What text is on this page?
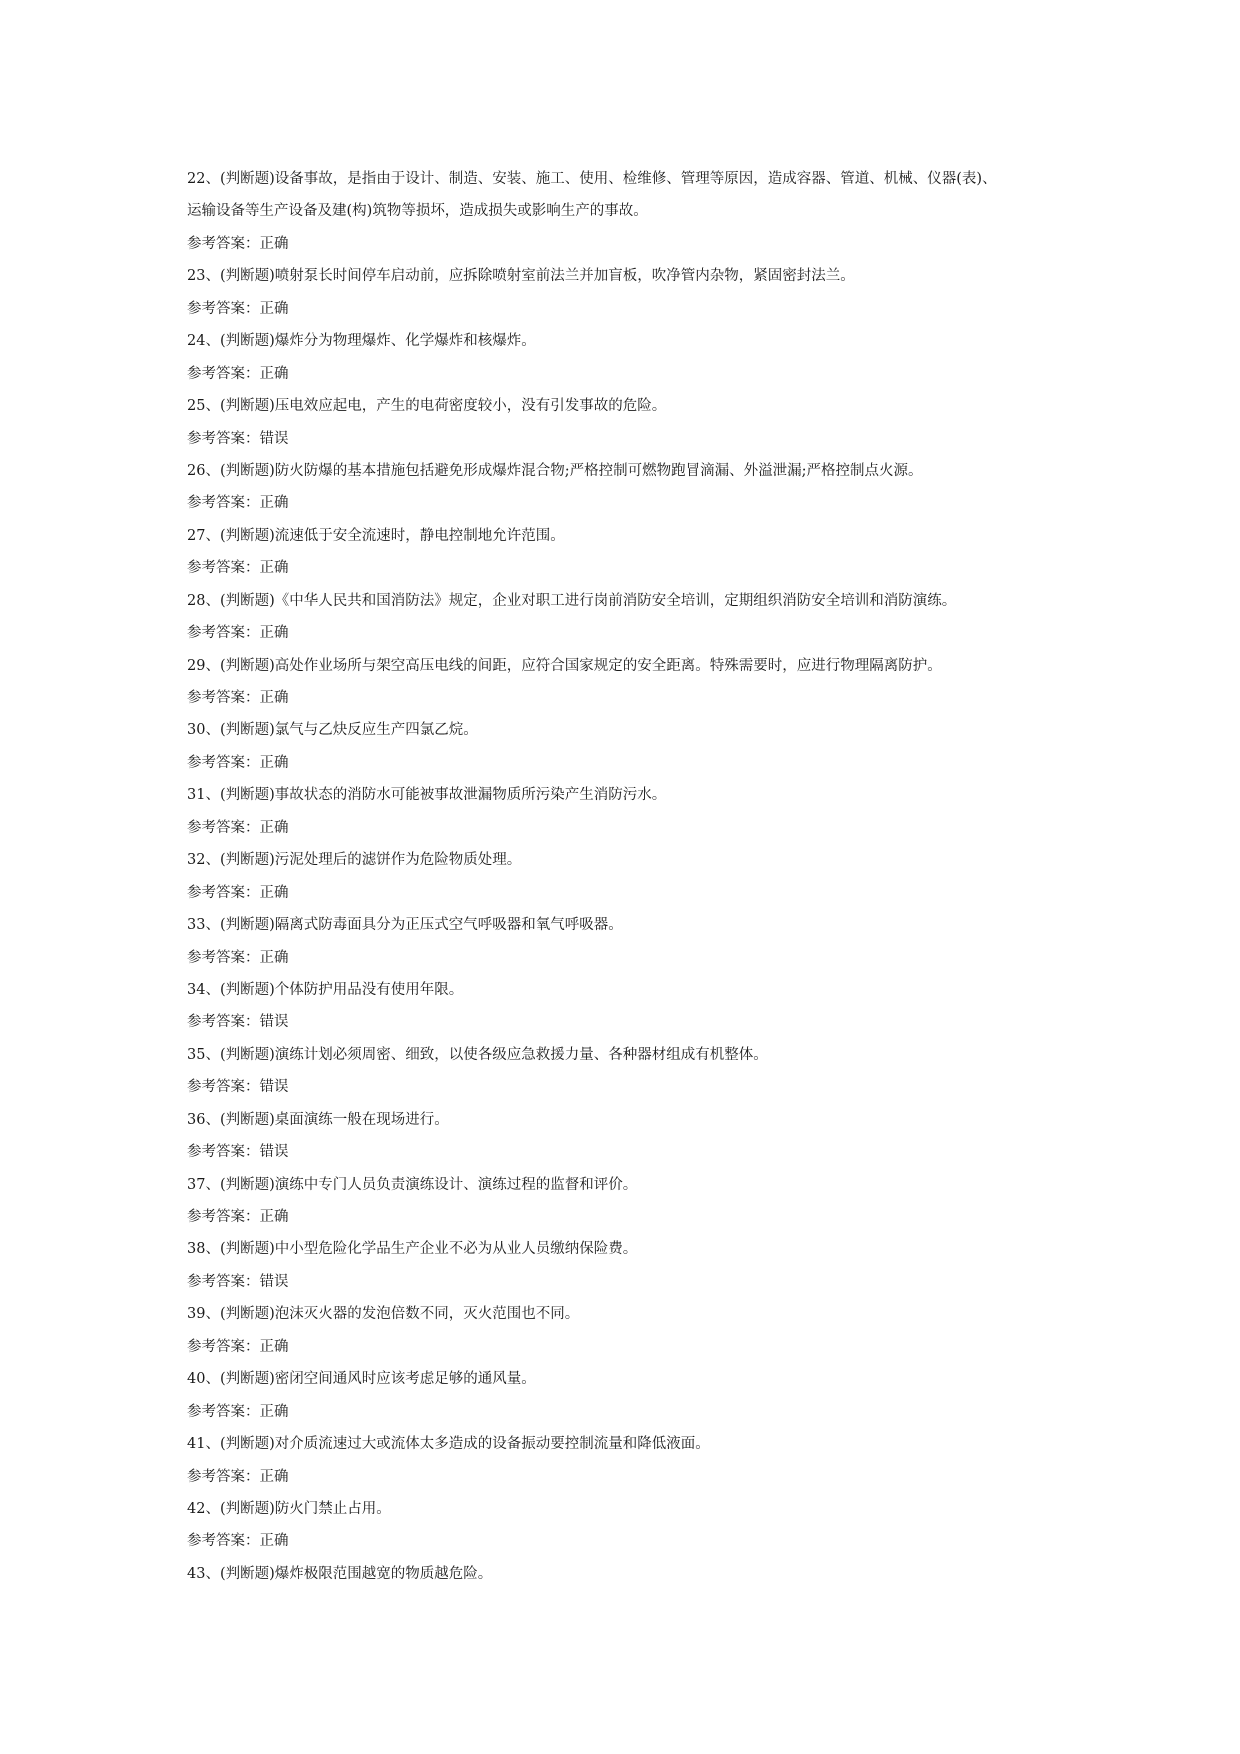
22、(判断题)设备事故，是指由于设计、制造、安装、施工、使用、检维修、管理等原因，造成容器、管道、机械、仪器(表)、
运输设备等生产设备及建(构)筑物等损坏，造成损失或影响生产的事故。
参考答案：正确
23、(判断题)喷射泵长时间停车启动前，应拆除喷射室前法兰并加盲板，吹净管内杂物，紧固密封法兰。
参考答案：正确
24、(判断题)爆炸分为物理爆炸、化学爆炸和核爆炸。
参考答案：正确
25、(判断题)压电效应起电，产生的电荷密度较小，没有引发事故的危险。
参考答案：错误
26、(判断题)防火防爆的基本措施包括避免形成爆炸混合物;严格控制可燃物跑冒滴漏、外溢泄漏;严格控制点火源。
参考答案：正确
27、(判断题)流速低于安全流速时，静电控制地允许范围。
参考答案：正确
28、(判断题)《中华人民共和国消防法》规定，企业对职工进行岗前消防安全培训，定期组织消防安全培训和消防演练。
参考答案：正确
29、(判断题)高处作业场所与架空高压电线的间距，应符合国家规定的安全距离。特殊需要时，应进行物理隔离防护。
参考答案：正确
30、(判断题)氯气与乙炔反应生产四氯乙烷。
参考答案：正确
31、(判断题)事故状态的消防水可能被事故泄漏物质所污染产生消防污水。
参考答案：正确
32、(判断题)污泥处理后的滤饼作为危险物质处理。
参考答案：正确
33、(判断题)隔离式防毒面具分为正压式空气呼吸器和氧气呼吸器。
参考答案：正确
34、(判断题)个体防护用品没有使用年限。
参考答案：错误
35、(判断题)演练计划必须周密、细致，以使各级应急救援力量、各种器材组成有机整体。
参考答案：错误
36、(判断题)桌面演练一般在现场进行。
参考答案：错误
37、(判断题)演练中专门人员负责演练设计、演练过程的监督和评价。
参考答案：正确
38、(判断题)中小型危险化学品生产企业不必为从业人员缴纳保险费。
参考答案：错误
39、(判断题)泡沫灭火器的发泡倍数不同，灭火范围也不同。
参考答案：正确
40、(判断题)密闭空间通风时应该考虑足够的通风量。
参考答案：正确
41、(判断题)对介质流速过大或流体太多造成的设备振动要控制流量和降低液面。
参考答案：正确
42、(判断题)防火门禁止占用。
参考答案：正确
43、(判断题)爆炸极限范围越宽的物质越危险。
